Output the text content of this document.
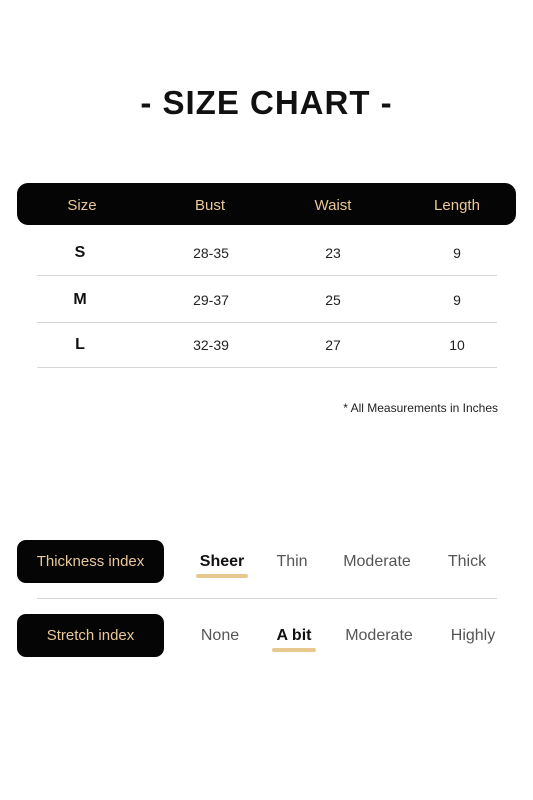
- SIZE CHART -
Size	Bust	Waist	Length
S	28-35	23	9
M	29-37	25	9
L	32-39	27	10
* All Measurements in Inches
Thickness index	Sheer	Thin	Moderate	Thick
Stretch index	None	A bit	Moderate	Highly
